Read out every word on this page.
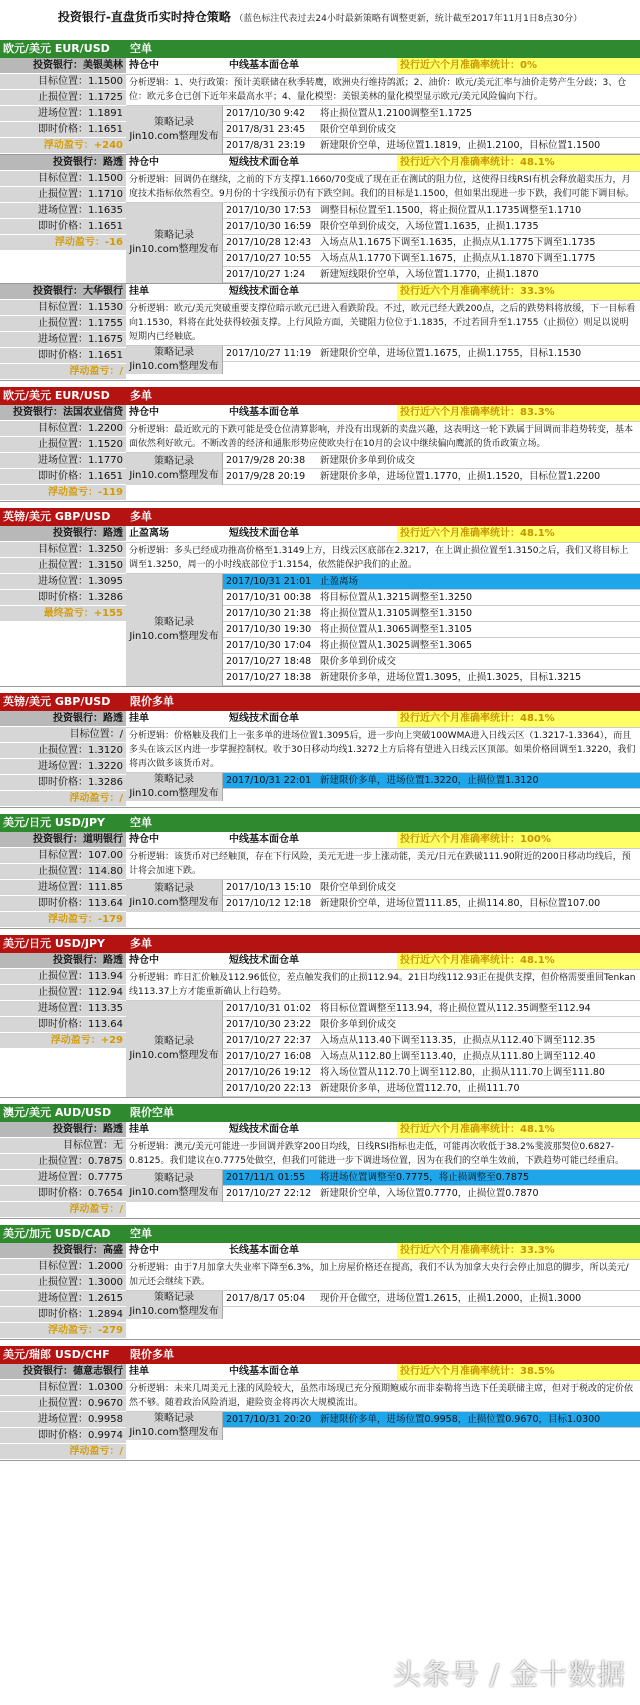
投资银行-直盘货币实时持仓策略 （蓝色标注代表过去24小时最新策略有调整更新，统计截至2017年11月1日8点30分）
欧元/美元 EUR/USD	空单
投资银行：美银美林
目标位置：1.1500
止损位置：1.1725
进场位置：1.1891
即时价格：1.1651
浮动盈亏：+240
持仓中	中线基本面仓单	投行近六个月准确率统计：0%
分析逻辑：1、央行政策：预计美联储在秋季转鹰，欧洲央行维持鸽派；2、油价：欧元/美元汇率与油价走势产生分歧；3、仓位：欧元多仓已创下近年来最高水平；4、量化模型：美银美林的量化模型显示欧元/美元风险偏向下行。
策略记录
Jin10.com整理发布
2017/10/30 9:42	将止损位置从1.2100调整至1.1725
2017/8/31 23:45	限价空单到价成交
2017/8/31 23:19	新建限价空单，进场位置1.1819，止损1.2100，目标位置1.1500
投资银行：路透
目标位置：1.1500
止损位置：1.1710
进场位置：1.1635
即时价格：1.1651
浮动盈亏：-16
持仓中	短线技术面仓单	投行近六个月准确率统计：48.1%
分析逻辑：回调仍在继续，之前的下方支撑1.1660/70变成了现在正在测试的阻力位，这使得日线RSI有机会释放超卖压力，月度技术指标依然看空。9月份的十字线预示仍有下跌空间。我们的目标是1.1500，但如果出现进一步下跌，我们可能下调目标。
策略记录
Jin10.com整理发布
2017/10/30 17:53 调整目标位置至1.1500，将止损位置从1.1735调整至1.1710
2017/10/30 16:59 限价空单到价成交，入场位置1.1635，止损1.1735
2017/10/28 12:43 入场点从1.1675下调至1.1635，止损点从1.1775下调至1.1735
2017/10/27 10:55 入场点从1.1770下调至1.1675，止损点从1.1870下调至1.1775
2017/10/27 1:24	新建短线限价空单，入场位置1.1770，止损1.1870
投资银行：大华银行
目标位置：1.1530
止损位置：1.1755
进场位置：1.1675
即时价格：1.1651
浮动盈亏：/
挂单	短线技术面仓单	投行近六个月准确率统计：33.3%
分析逻辑：欧元/美元突破重要支撑位暗示欧元已进入看跌阶段。不过，欧元已经大跌200点，之后的跌势料将放缓，下一目标看向1.1530，料将在此处获得较强支撑。上行风险方面，关键阻力位位于1.1835，不过若回升至1.1755（止损位）则足以说明短期内已经触底。
策略记录
Jin10.com整理发布
2017/10/27 11:19 新建限价空单，进场位置1.1675，止损1.1755，目标1.1530
欧元/美元 EUR/USD	多单
投资银行：法国农业信贷
目标位置：1.2200
止损位置：1.1520
进场位置：1.1770
即时价格：1.1651
浮动盈亏：-119
持仓中	中线基本面仓单	投行近六个月准确率统计：83.3%
分析逻辑：最近欧元的下跌可能是受仓位清算影响，并没有出现新的卖盘兴趣，这表明这一轮下跌属于回调而非趋势转变，基本面依然利好欧元。不断改善的经济和通胀形势应使欧央行在10月的会议中继续偏向鹰派的货币政策立场。
策略记录
Jin10.com整理发布
2017/9/28 20:38	新建限价多单到价成交
2017/9/28 20:19	新建限价多单，进场位置1.1770，止损1.1520，目标位置1.2200
英镑/美元 GBP/USD	多单
投资银行：路透
目标位置：1.3250
止损位置：1.3150
进场位置：1.3095
即时价格：1.3286
最终盈亏：+155
止盈离场	短线技术面仓单	投行近六个月准确率统计：48.1%
分析逻辑：多头已经成功推高价格至1.3149上方，日线云区底部在2.3217，在上调止损位置至1.3150之后，我们又将目标上调至1.3250，周一的小时线底部位于1.3154，依然能保护我们的止盈。
策略记录
Jin10.com整理发布
2017/10/31 21:01 止盈离场
2017/10/31 00:38 将目标位置从1.3215调整至1.3250
2017/10/30 21:38 将止损位置从1.3105调整至1.3150
2017/10/30 19:30 将止损位置从1.3065调整至1.3105
2017/10/30 17:04 将止损位置从1.3025调整至1.3065
2017/10/27 18:48 限价多单到价成交
2017/10/27 18:38 新建限价多单，进场位置1.3095，止损1.3025，目标1.3215
英镑/美元 GBP/USD	限价多单
投资银行：路透
目标位置：/
止损位置：1.3120
进场位置：1.3220
即时价格：1.3286
浮动盈亏：/
挂单	短线技术面仓单	投行近六个月准确率统计：48.1%
分析逻辑：价格触及我们上一张多单的进场位置1.3095后，进一步向上突破100WMA进入日线云区（1.3217-1.3364），而且多头在该云区内进一步掌握控制权。收于30日移动均线1.3272上方后将有望进入日线云区顶部。如果价格回调至1.3220，我们将再次做多该货币对。
策略记录
Jin10.com整理发布
2017/10/31 22:01 新建限价多单，进场位置1.3220，止损位置1.3120
美元/日元 USD/JPY	空单
投资银行：道明银行
目标位置：107.00
止损位置：114.80
进场位置：111.85
即时价格：113.64
浮动盈亏：-179
持仓中	中线基本面仓单	投行近六个月准确率统计：100%
分析逻辑：该货币对已经触顶，存在下行风险，美元无进一步上涨动能，美元/日元在跌破111.90附近的200日移动均线后，预计将会加速下跌。
策略记录
Jin10.com整理发布
2017/10/13 15:10 限价空单到价成交
2017/10/12 12:18 新建限价空单，进场位置111.85，止损114.80，目标位置107.00
美元/日元 USD/JPY	多单
投资银行：路透
止损位置：113.94
止损位置：112.94
进场位置：113.35
即时价格：113.64
浮动盈亏：+29
持仓中	短线技术面仓单	投行近六个月准确率统计：48.1%
分析逻辑：昨日汇价触及112.96低位，差点触发我们的止损112.94。21日均线112.93正在提供支撑，但价格需要重回Tenkan线113.37上方才能重新确认上行趋势。
策略记录
Jin10.com整理发布
2017/10/31 01:02 将目标位置调整至113.94，将止损位置从112.35调整至112.94
2017/10/30 23:22 限价多单到价成交
2017/10/27 22:37 入场点从113.40下调至113.35，止损点从112.40下调至112.35
2017/10/27 16:08 入场点从112.80上调至113.40，止损点从111.80上调至112.40
2017/10/26 19:12 将入场位置从112.70上调至112.80，止损从111.70上调至111.80
2017/10/20 22:13 新建限价多单，进场位置112.70，止损111.70
澳元/美元 AUD/USD	限价空单
投资银行：路透
目标位置：无
止损位置：0.7875
进场位置：0.7775
即时价格：0.7654
浮动盈亏：/
挂单	短线技术面仓单	投行近六个月准确率统计：48.1%
分析逻辑：澳元/美元可能进一步回调并跌穿200日均线，日线RSI指标也走低，可能再次收低于38.2%斐波那契位0.6827-0.8125。我们建议在0.7775处做空，但我们可能进一步下调进场位置，因为在我们的空单生效前，下跌趋势可能已经重启。
策略记录
Jin10.com整理发布
2017/11/1 01:55	将进场位置调整至0.7775，将止损调整至0.7875
2017/10/27 22:12 新建限价空单，入场位置0.7770，止损位置0.7870
美元/加元 USD/CAD	空单
投资银行：高盛
目标位置：1.2000
止损位置：1.3000
进场位置：1.2615
即时价格：1.2894
浮动盈亏：-279
持仓中	长线基本面仓单	投行近六个月准确率统计：33.3%
分析逻辑：由于7月加拿大失业率下降至6.3%，加上房屋价格还在提高，我们不认为加拿大央行会停止加息的脚步，所以美元/加元还会继续下跌。
策略记录
Jin10.com整理发布
2017/8/17 05:04	现价开仓做空，进场位置1.2615，止损1.2000，止损1.3000
美元/瑞郎 USD/CHF	限价多单
投资银行：德意志银行
目标位置：1.0300
止损位置：0.9670
进场位置：0.9958
即时价格：0.9974
浮动盈亏：/
挂单	中线基本面仓单	投行近六个月准确率统计：38.5%
分析逻辑：未来几周美元上涨的风险较大，虽然市场现已充分预期鲍威尔而非泰勒将当选下任美联储主席，但对于税改的定价依然不够。随着政治风险消退，避险资金将再次大规模流出。
策略记录
Jin10.com整理发布
2017/10/31 20:20 新建限价多单，进场位置0.9958，止损位置0.9670，目标1.0300
头条号 / 金十数据
